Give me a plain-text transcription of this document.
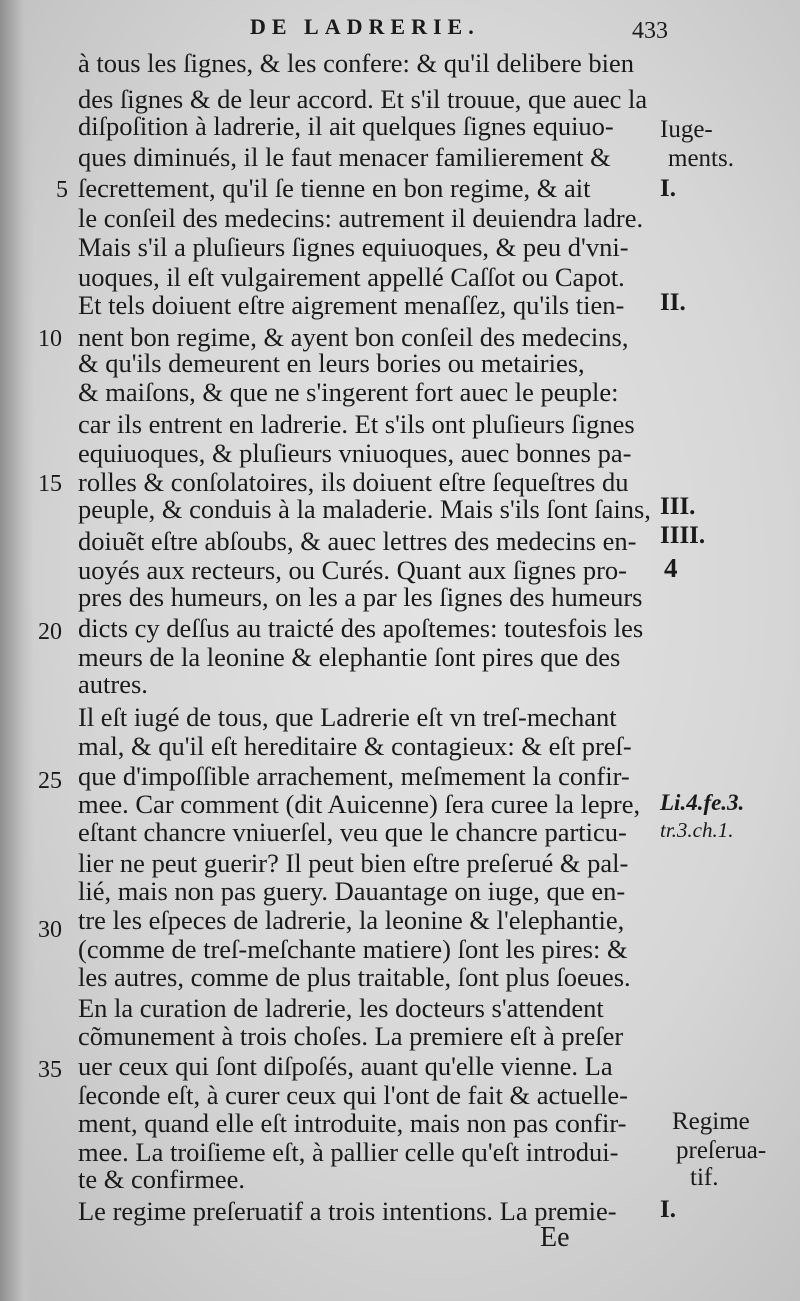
DE LADRERIE.	433
à tous les ſignes, & les confere: & qu'il delibere bien
des ſignes & de leur accord. Et s'il trouue, que auec la
diſpoſition à ladrerie, il ait quelques ſignes equiuo-
ques diminués, il le faut menacer familierement &
ſecrettement, qu'il ſe tienne en bon regime, & ait
le conſeil des medecins: autrement il deuiendra ladre.
Mais s'il a pluſieurs ſignes equiuoques, & peu d'vni-
uoques, il eſt vulgairement appellé Caſſot ou Capot.
Et tels doiuent eſtre aigrement menaſſez, qu'ils tien-
nent bon regime, & ayent bon conſeil des medecins,
& qu'ils demeurent en leurs bories ou metairies,
& maiſons, & que ne s'ingerent fort auec le peuple:
car ils entrent en ladrerie. Et s'ils ont pluſieurs ſignes
equiuoques, & pluſieurs vniuoques, auec bonnes pa-
rolles & conſolatoires, ils doiuent eſtre ſequeſtres du
peuple, & conduis à la maladerie. Mais s'ils ſont ſains,
doiuẽt eſtre abſoubs, & auec lettres des medecins en-
uoyés aux recteurs, ou Curés. Quant aux ſignes pro-
pres des humeurs, on les a par les ſignes des humeurs
dicts cy deſſus au traicté des apoſtemes: toutesfois les
meurs de la leonine & elephantie ſont pires que des
autres.
Il eſt iugé de tous, que Ladrerie eſt vn treſ-mechant
mal, & qu'il eſt hereditaire & contagieux: & eſt preſ-
que d'impoſſible arrachement, meſmement la confir-
mee. Car comment (dit Auicenne) ſera curee la lepre,
eſtant chancre vniuerſel, veu que le chancre particu-
lier ne peut guerir? Il peut bien eſtre preſerué & pal-
lié, mais non pas guery. Dauantage on iuge, que en-
tre les eſpeces de ladrerie, la leonine & l'elephantie,
(comme de treſ-meſchante matiere) ſont les pires: &
les autres, comme de plus traitable, ſont plus ſoeues.
En la curation de ladrerie, les docteurs s'attendent
cõmunement à trois choſes. La premiere eſt à preſer
uer ceux qui ſont diſpoſés, auant qu'elle vienne. La
ſeconde eſt, à curer ceux qui l'ont de fait & actuelle-
ment, quand elle eſt introduite, mais non pas confir-
mee. La troiſieme eſt, à pallier celle qu'eſt introdui-
te & confirmee.
Le regime preſeruatif a trois intentions. La premie-
5
10
15
20
25
30
35
Iuge-
ments.
I.
II.
III.
IIII.
4
Li.4.fe.3.
tr.3.ch.1.
Regime
preſerua-
tif.
I.
Ee
